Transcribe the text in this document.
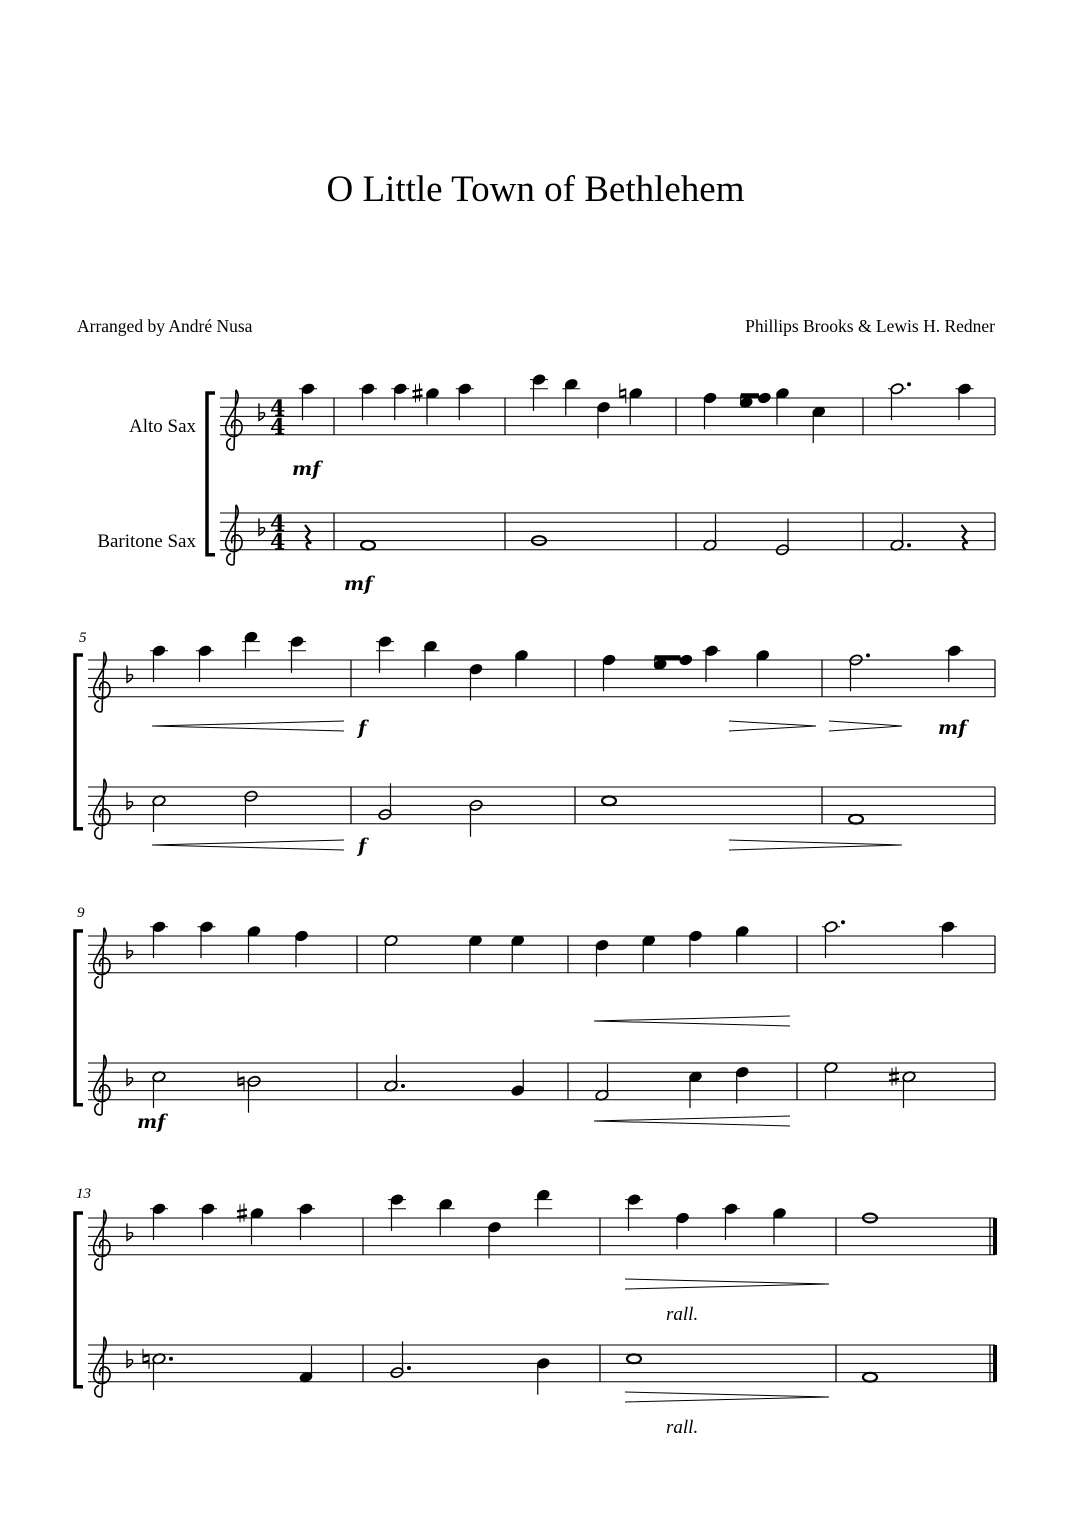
O Little Town of Bethlehem
Arranged by André Nusa	Phillips Brooks & Lewis H. Redner
Alto Sax
Baritone Sax
5
9
13
4
4
4
4
mf
mf
f
f
mf
mf
rall.
rall.
